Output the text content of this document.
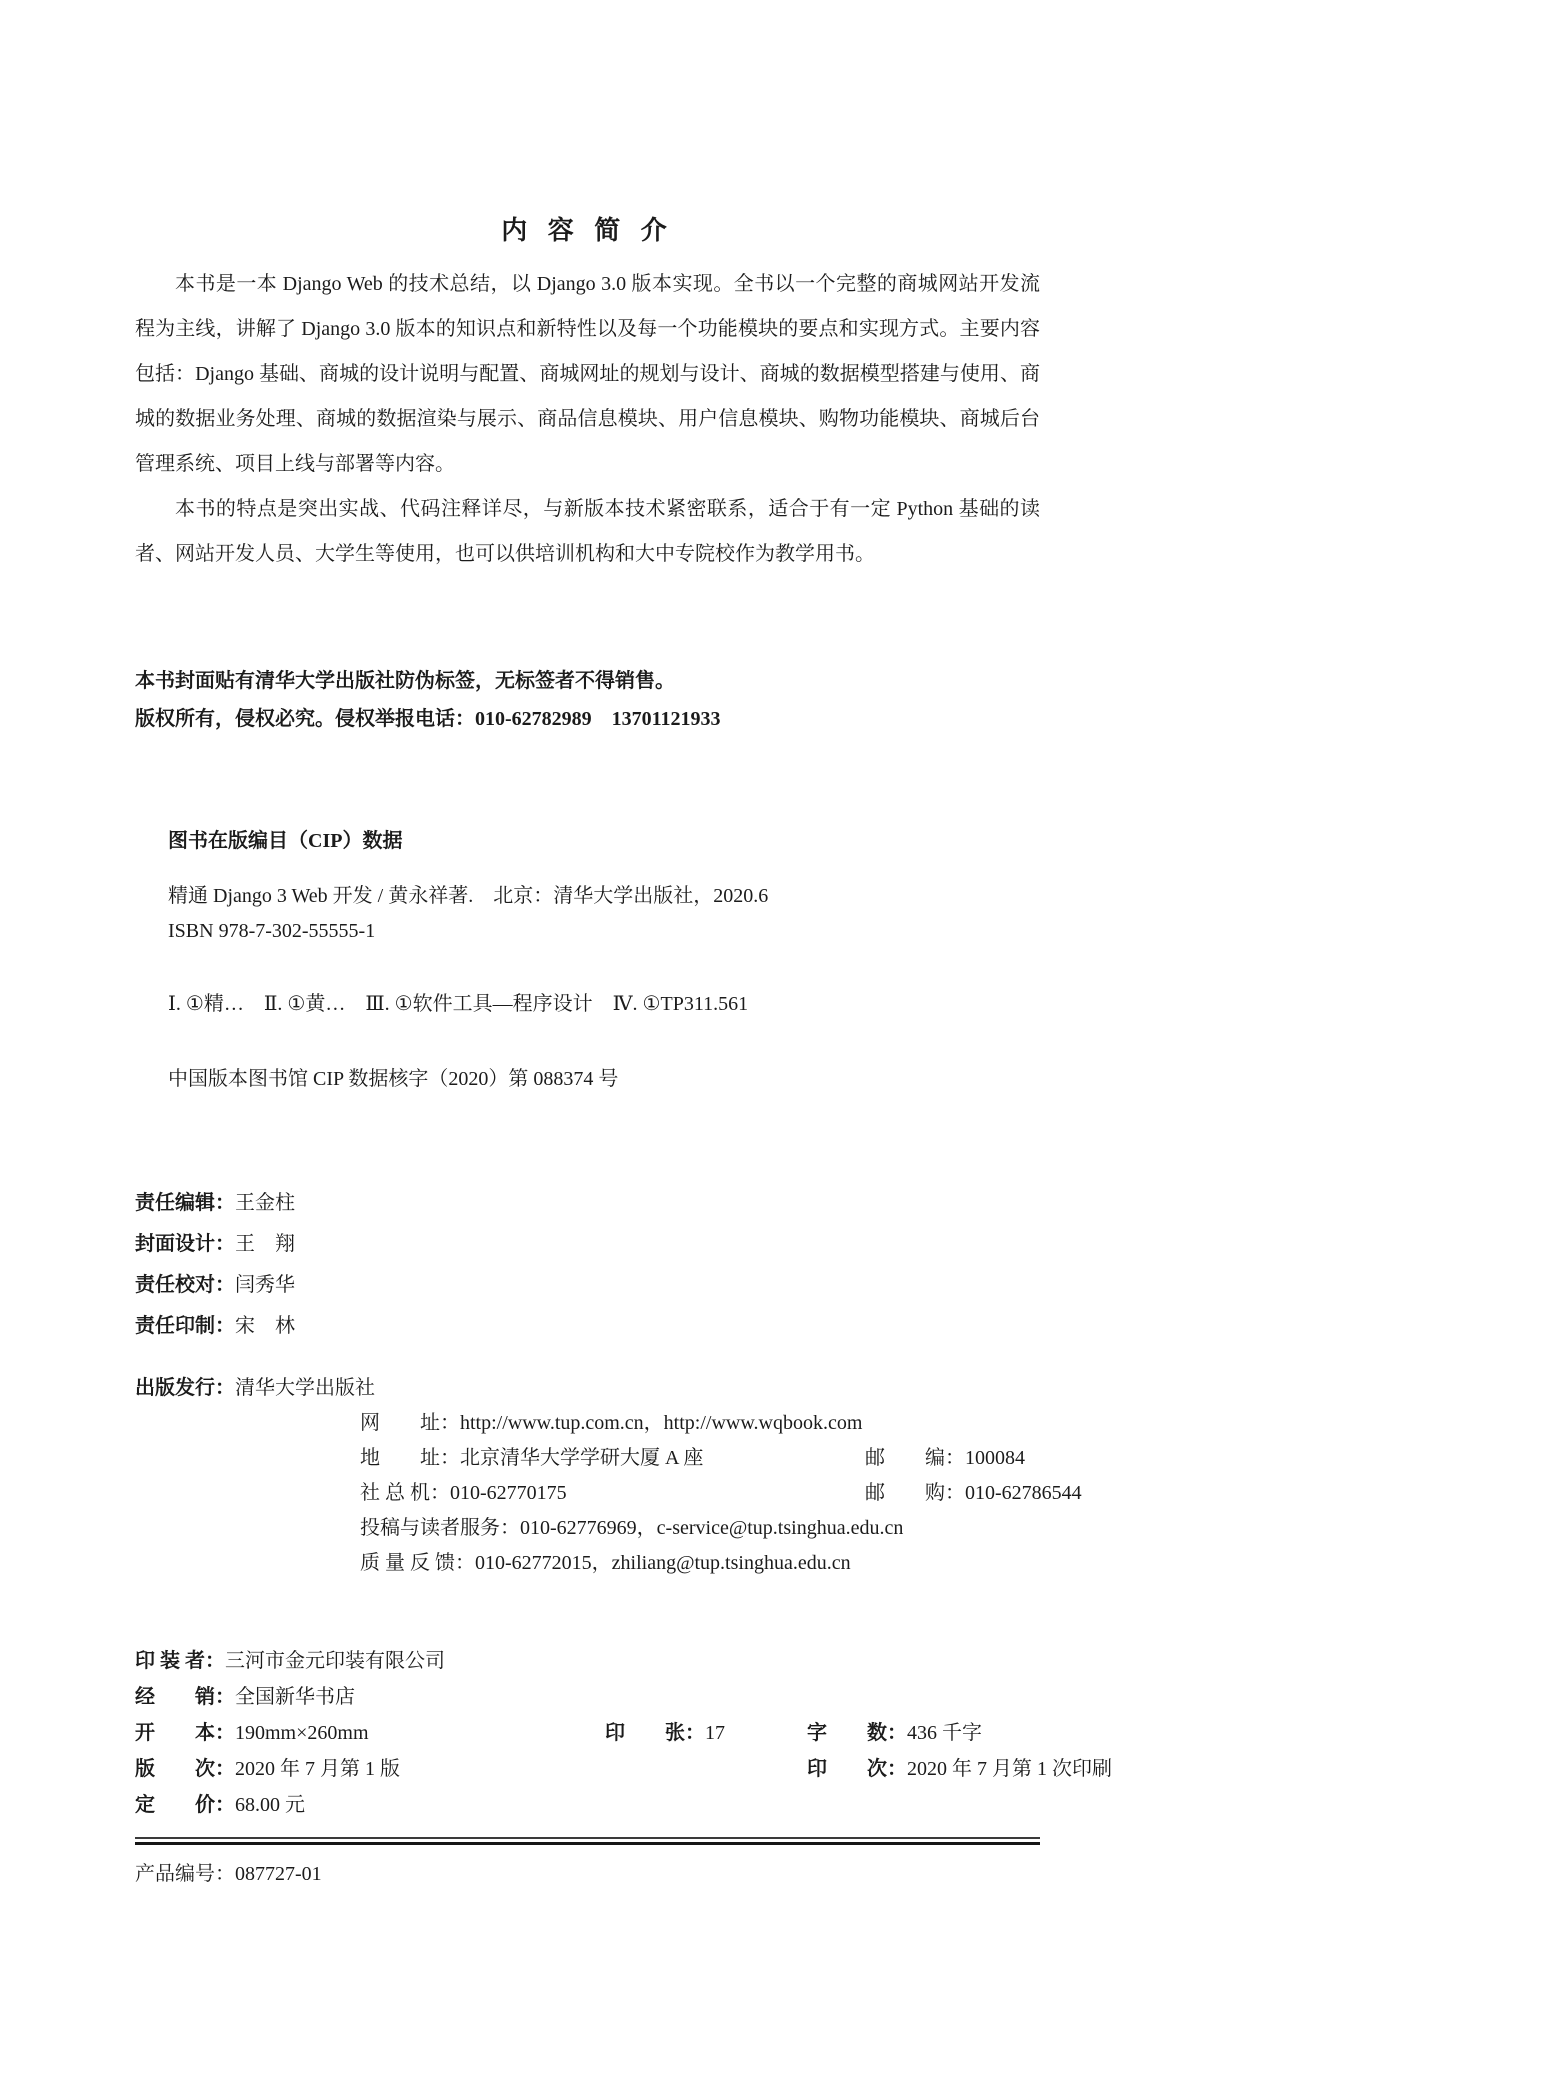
内 容 简 介

本书是一本 Django Web 的技术总结，以 Django 3.0 版本实现。全书以一个完整的商城网站开发流程为主线，讲解了 Django 3.0 版本的知识点和新特性以及每一个功能模块的要点和实现方式。主要内容包括：Django 基础、商城的设计说明与配置、商城网址的规划与设计、商城的数据模型搭建与使用、商城的数据业务处理、商城的数据渲染与展示、商品信息模块、用户信息模块、购物功能模块、商城后台管理系统、项目上线与部署等内容。

本书的特点是突出实战、代码注释详尽，与新版本技术紧密联系，适合于有一定 Python 基础的读者、网站开发人员、大学生等使用，也可以供培训机构和大中专院校作为教学用书。

本书封面贴有清华大学出版社防伪标签，无标签者不得销售。
版权所有，侵权必究。侵权举报电话：010-62782989　13701121933
图书在版编目（CIP）数据
精通 Django 3 Web 开发 / 黄永祥著.　北京：清华大学出版社，2020.6
ISBN 978-7-302-55555-1
Ⅰ. ①精…　Ⅱ. ①黄…　Ⅲ. ①软件工具—程序设计　Ⅳ. ①TP311.561
中国版本图书馆 CIP 数据核字（2020）第 088374 号
责任编辑：王金柱
封面设计：王　翔
责任校对：闫秀华
责任印制：宋　林
出版发行：清华大学出版社
网　　址：http://www.tup.com.cn，http://www.wqbook.com
地　　址：北京清华大学学研大厦 A 座	邮　　编：100084
社 总 机：010-62770175	邮　　购：010-62786544
投稿与读者服务：010-62776969，c-service@tup.tsinghua.edu.cn
质 量 反 馈：010-62772015，zhiliang@tup.tsinghua.edu.cn
印 装 者：三河市金元印装有限公司
经　　销：全国新华书店
开　　本：190mm×260mm	印　　张：17	字　　数：436 千字
版　　次：2020 年 7 月第 1 版	印　　次：2020 年 7 月第 1 次印刷
定　　价：68.00 元
产品编号：087727-01
